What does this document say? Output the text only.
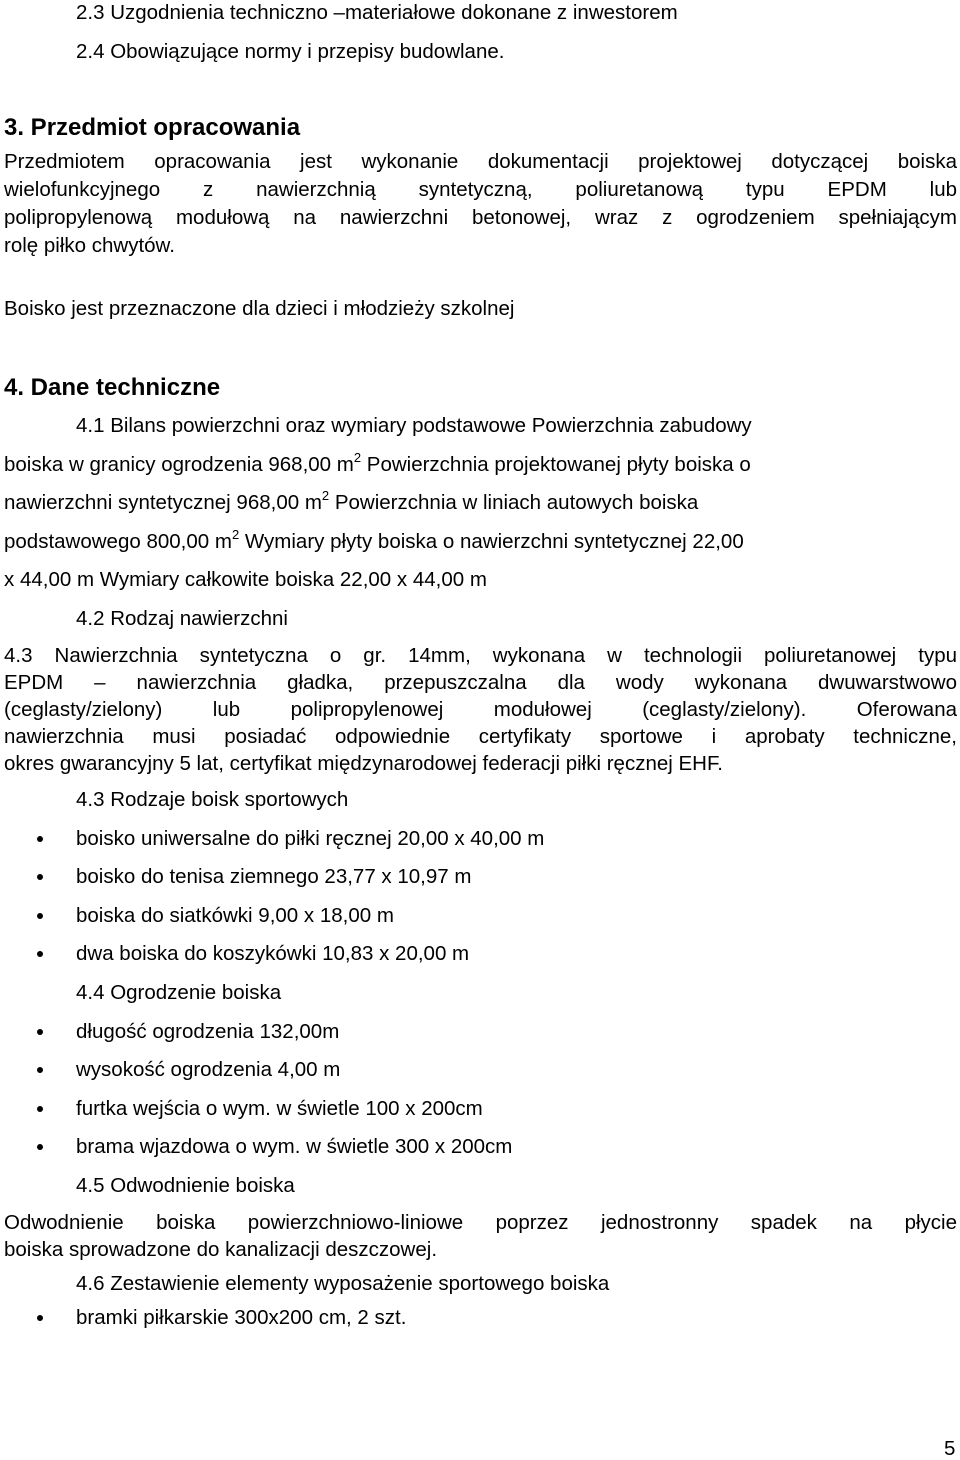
2.3 Uzgodnienia techniczno –materiałowe dokonane z inwestorem
2.4 Obowiązujące normy i przepisy budowlane.
3. Przedmiot opracowania
Przedmiotem opracowania jest wykonanie dokumentacji projektowej dotyczącej boiska
wielofunkcyjnego z nawierzchnią syntetyczną, poliuretanową typu EPDM lub
polipropylenową modułową na nawierzchni betonowej, wraz z ogrodzeniem spełniającym
rolę piłko chwytów.
Boisko jest przeznaczone dla dzieci i młodzieży szkolnej
4. Dane techniczne
4.1 Bilans powierzchni oraz wymiary podstawowe Powierzchnia zabudowy
boiska w granicy ogrodzenia 968,00 $m^2$ Powierzchnia projektowanej płyty boiska o
nawierzchni syntetycznej 968,00 $m^2$ Powierzchnia w liniach autowych boiska
podstawowego 800,00 $m^2$ Wymiary płyty boiska o nawierzchni syntetycznej 22,00
x 44,00 m Wymiary całkowite boiska 22,00 x 44,00 m
4.2 Rodzaj nawierzchni
4.3 Nawierzchnia syntetyczna o gr. 14mm, wykonana w technologii poliuretanowej typu
EPDM – nawierzchnia gładka, przepuszczalna dla wody wykonana dwuwarstwowo
(ceglasty/zielony) lub polipropylenowej modułowej (ceglasty/zielony). Oferowana
nawierzchnia musi posiadać odpowiednie certyfikaty sportowe i aprobaty techniczne,
okres gwarancyjny 5 lat, certyfikat międzynarodowej federacji piłki ręcznej EHF.
4.3 Rodzaje boisk sportowych
boisko uniwersalne do piłki ręcznej 20,00 x 40,00 m
boisko do tenisa ziemnego 23,77 x 10,97 m
boiska do siatkówki 9,00 x 18,00 m
dwa boiska do koszykówki 10,83 x 20,00 m
4.4 Ogrodzenie boiska
długość ogrodzenia 132,00m
wysokość ogrodzenia 4,00 m
furtka wejścia o wym. w świetle 100 x 200cm
brama wjazdowa o wym. w świetle 300 x 200cm
4.5 Odwodnienie boiska
Odwodnienie boiska powierzchniowo-liniowe poprzez jednostronny spadek na płycie
boiska sprowadzone do kanalizacji deszczowej.
4.6 Zestawienie elementy wyposażenie sportowego boiska
bramki piłkarskie 300x200 cm, 2 szt.
5
